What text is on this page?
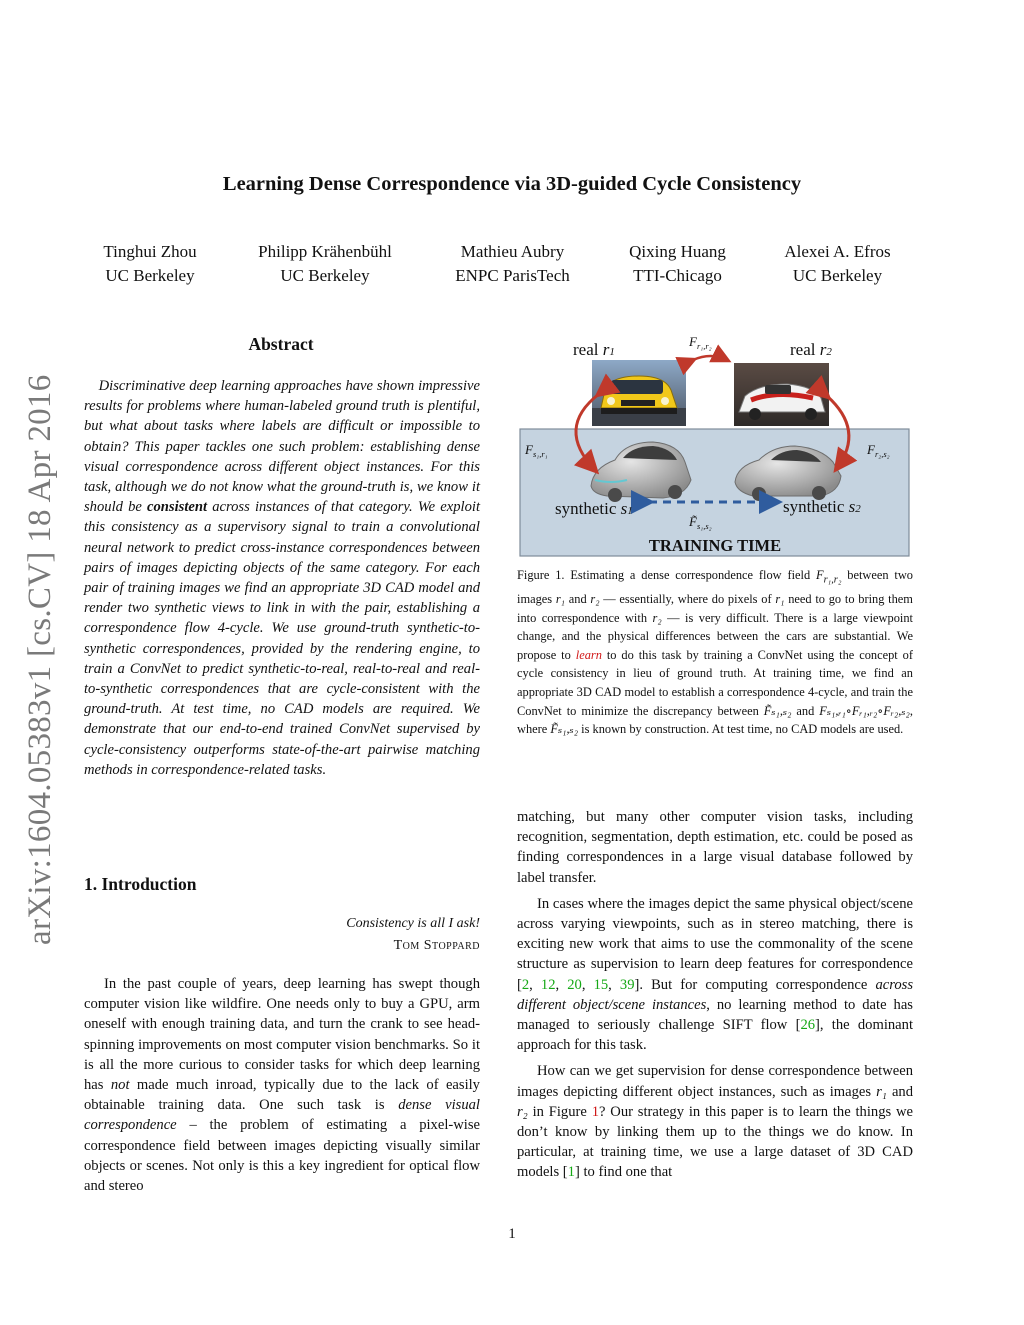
Learning Dense Correspondence via 3D-guided Cycle Consistency
Tinghui Zhou
UC Berkeley
Philipp Krähenbühl
UC Berkeley
Mathieu Aubry
ENPC ParisTech
Qixing Huang
TTI-Chicago
Alexei A. Efros
UC Berkeley
arXiv:1604.05383v1 [cs.CV] 18 Apr 2016
Abstract

 Discriminative deep learning approaches have shown impressive results for problems where human-labeled ground truth is plentiful, but what about tasks where labels are difficult or impossible to obtain? This paper tackles one such problem: establishing dense visual correspondence across different object instances. For this task, although we do not know what the ground-truth is, we know it should be consistent across instances of that category. We exploit this consistency as a supervisory signal to train a convolutional neural network to predict cross-instance correspondences between pairs of images depicting objects of the same category. For each pair of training images we find an appropriate 3D CAD model and render two synthetic views to link in with the pair, establishing a correspondence flow 4-cycle. We use ground-truth synthetic-to-synthetic correspondences, provided by the rendering engine, to train a ConvNet to predict synthetic-to-real, real-to-real and real-to-synthetic correspondences that are cycle-consistent with the ground-truth. At test time, no CAD models are required. We demonstrate that our end-to-end trained ConvNet supervised by cycle-consistency outperforms state-of-the-art pairwise matching methods in correspondence-related tasks.

1. Introduction
Consistency is all I ask!
Tom Stoppard

In the past couple of years, deep learning has swept though computer vision like wildfire. One needs only to buy a GPU, arm oneself with enough training data, and turn the crank to see head-spinning improvements on most computer vision benchmarks. So it is all the more curious to consider tasks for which deep learning has not made much inroad, typically due to the lack of easily obtainable training data. One such task is dense visual correspondence – the problem of estimating a pixel-wise correspondence field between images depicting visually similar objects or scenes. Not only is this a key ingredient for optical flow and stereo

real r1	real r2
$F_{r_1,r_2}$
$F_{s_1,r_1}$	$F_{r_2,s_2}$
synthetic s1	synthetic s2
$F̃_{s_1,s_2}$
TRAINING TIME
Figure 1. Estimating a dense correspondence flow field $F_{r_1,r_2}$ between two images r₁ and r₂ — essentially, where do pixels of r₁ need to go to bring them into correspondence with r₂ — is very difficult. There is a large viewpoint change, and the physical differences between the cars are substantial. We propose to learn to do this task by training a ConvNet using the concept of cycle consistency in lieu of ground truth. At training time, we find an appropriate 3D CAD model to establish a correspondence 4-cycle, and train the ConvNet to minimize the discrepancy between F̃ₛ₁,ₛ₂ and Fₛ₁,ᵣ₁∘Fᵣ₁,ᵣ₂∘Fᵣ₂,ₛ₂, where F̃ₛ₁,ₛ₂ is known by construction. At test time, no CAD models are used.

matching, but many other computer vision tasks, including recognition, segmentation, depth estimation, etc. could be posed as finding correspondences in a large visual database followed by label transfer.

In cases where the images depict the same physical object/scene across varying viewpoints, such as in stereo matching, there is exciting new work that aims to use the commonality of the scene structure as supervision to learn deep features for correspondence [2, 12, 20, 15, 39]. But for computing correspondence across different object/scene instances, no learning method to date has managed to seriously challenge SIFT flow [26], the dominant approach for this task.

How can we get supervision for dense correspondence between images depicting different object instances, such as images r₁ and r₂ in Figure 1? Our strategy in this paper is to learn the things we don’t know by linking them up to the things we do know. In particular, at training time, we use a large dataset of 3D CAD models [1] to find one that

1
